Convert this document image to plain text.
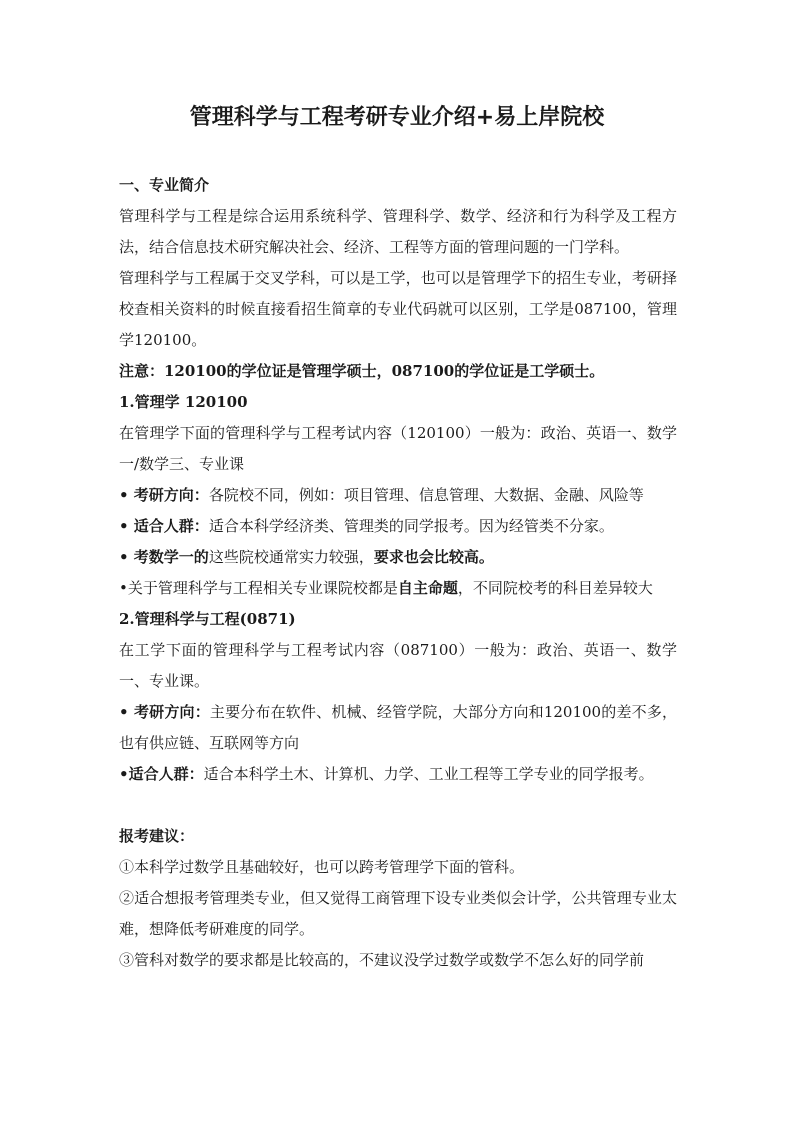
管理科学与工程考研专业介绍+易上岸院校

一、专业简介

管理科学与工程是综合运用系统科学、管理科学、数学、经济和行为科学及工程方法，结合信息技术研究解决社会、经济、工程等方面的管理问题的一门学科。

管理科学与工程属于交叉学科，可以是工学，也可以是管理学下的招生专业，考研择校查相关资料的时候直接看招生简章的专业代码就可以区别，工学是087100，管理学120100。

注意：120100的学位证是管理学硕士，087100的学位证是工学硕士。

1.管理学 120100

在管理学下面的管理科学与工程考试内容（120100）一般为：政治、英语一、数学一/数学三、专业课

• 考研方向：各院校不同，例如：项目管理、信息管理、大数据、金融、风险等

• 适合人群：适合本科学经济类、管理类的同学报考。因为经管类不分家。

• 考数学一的这些院校通常实力较强，要求也会比较高。

•关于管理科学与工程相关专业课院校都是自主命题，不同院校考的科目差异较大

2.管理科学与工程(0871)

在工学下面的管理科学与工程考试内容（087100）一般为：政治、英语一、数学一、专业课。

• 考研方向：主要分布在软件、机械、经管学院，大部分方向和120100的差不多，也有供应链、互联网等方向

•适合人群：适合本科学土木、计算机、力学、工业工程等工学专业的同学报考。

报考建议：

①本科学过数学且基础较好，也可以跨考管理学下面的管科。

②适合想报考管理类专业，但又觉得工商管理下设专业类似会计学，公共管理专业太难，想降低考研难度的同学。

③管科对数学的要求都是比较高的，不建议没学过数学或数学不怎么好的同学前
